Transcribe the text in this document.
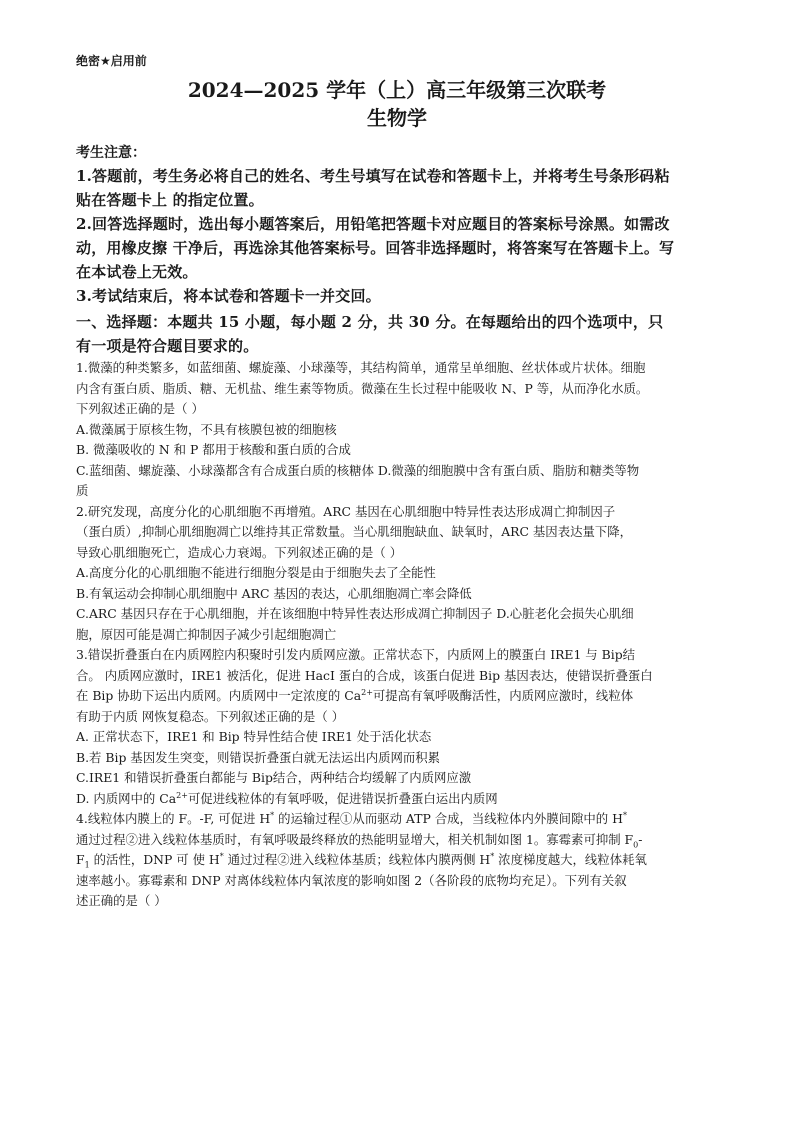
绝密★启用前
2024—2025 学年（上）高三年级第三次联考
生物学
考生注意：
1.答题前，考生务必将自己的姓名、考生号填写在试卷和答题卡上，并将考生号条形码粘
贴在答题卡上 的指定位置。
2.回答选择题时，选出每小题答案后，用铅笔把答题卡对应题目的答案标号涂黑。如需改
动，用橡皮擦 干净后，再选涂其他答案标号。回答非选择题时，将答案写在答题卡上。写
在本试卷上无效。
3.考试结束后，将本试卷和答题卡一并交回。
一、选择题：本题共 15 小题，每小题 2 分，共 30 分。在每题给出的四个选项中，只
有一项是符合题目要求的。

1.微藻的种类繁多，如蓝细菌、螺旋藻、小球藻等，其结构简单，通常呈单细胞、丝状体或片状体。细胞

内含有蛋白质、脂质、糖、无机盐、维生素等物质。微藻在生长过程中能吸收 N、P 等，从而净化水质。

下列叙述正确的是（ ）

A.微藻属于原核生物，不具有核膜包被的细胞核

B. 微藻吸收的 N 和 P 都用于核酸和蛋白质的合成

C.蓝细菌、螺旋藻、小球藻都含有合成蛋白质的核糖体 D.微藻的细胞膜中含有蛋白质、脂肪和糖类等物

质

2.研究发现，高度分化的心肌细胞不再增殖。ARC 基因在心肌细胞中特异性表达形成凋亡抑制因子

（蛋白质）,抑制心肌细胞凋亡以维持其正常数量。当心肌细胞缺血、缺氧时，ARC 基因表达量下降，

导致心肌细胞死亡，造成心力衰竭。下列叙述正确的是（ ）

A.高度分化的心肌细胞不能进行细胞分裂是由于细胞失去了全能性

B.有氧运动会抑制心肌细胞中 ARC 基因的表达，心肌细胞凋亡率会降低

C.ARC 基因只存在于心肌细胞，并在该细胞中特异性表达形成凋亡抑制因子 D.心脏老化会损失心肌细

胞，原因可能是凋亡抑制因子减少引起细胞凋亡

3.错误折叠蛋白在内质网腔内积聚时引发内质网应激。正常状态下，内质网上的膜蛋白 IRE1 与 Bip结

合。 内质网应激时，IRE1 被活化，促进 HacI 蛋白的合成，该蛋白促进 Bip 基因表达，使错误折叠蛋白

在 Bip 协助下运出内质网。内质网中一定浓度的 $Ca^{2+}$可提高有氧呼吸酶活性，内质网应激时，线粒体

有助于内质 网恢复稳态。下列叙述正确的是（ ）

A. 正常状态下，IRE1 和 Bip 特异性结合使 IRE1 处于活化状态

B.若 Bip 基因发生突变，则错误折叠蛋白就无法运出内质网而积累

C.IRE1 和错误折叠蛋白都能与 Bip结合，两种结合均缓解了内质网应激

D. 内质网中的 $Ca^{2+}$可促进线粒体的有氧呼吸，促进错误折叠蛋白运出内质网

4.线粒体内膜上的 F。-F, 可促进 H* 的运输过程①从而驱动 ATP 合成，当线粒体内外膜间隙中的 H*

通过过程②进入线粒体基质时，有氧呼吸最终释放的热能明显增大，相关机制如图 1。寡霉素可抑制 $F_0-$

$F_1$ 的活性，DNP 可 使 H* 通过过程②进入线粒体基质；线粒体内膜两侧 H* 浓度梯度越大，线粒体耗氧

速率越小。寡霉素和 DNP 对离体线粒体内氧浓度的影响如图 2（各阶段的底物均充足）。下列有关叙

述正确的是（ ）
